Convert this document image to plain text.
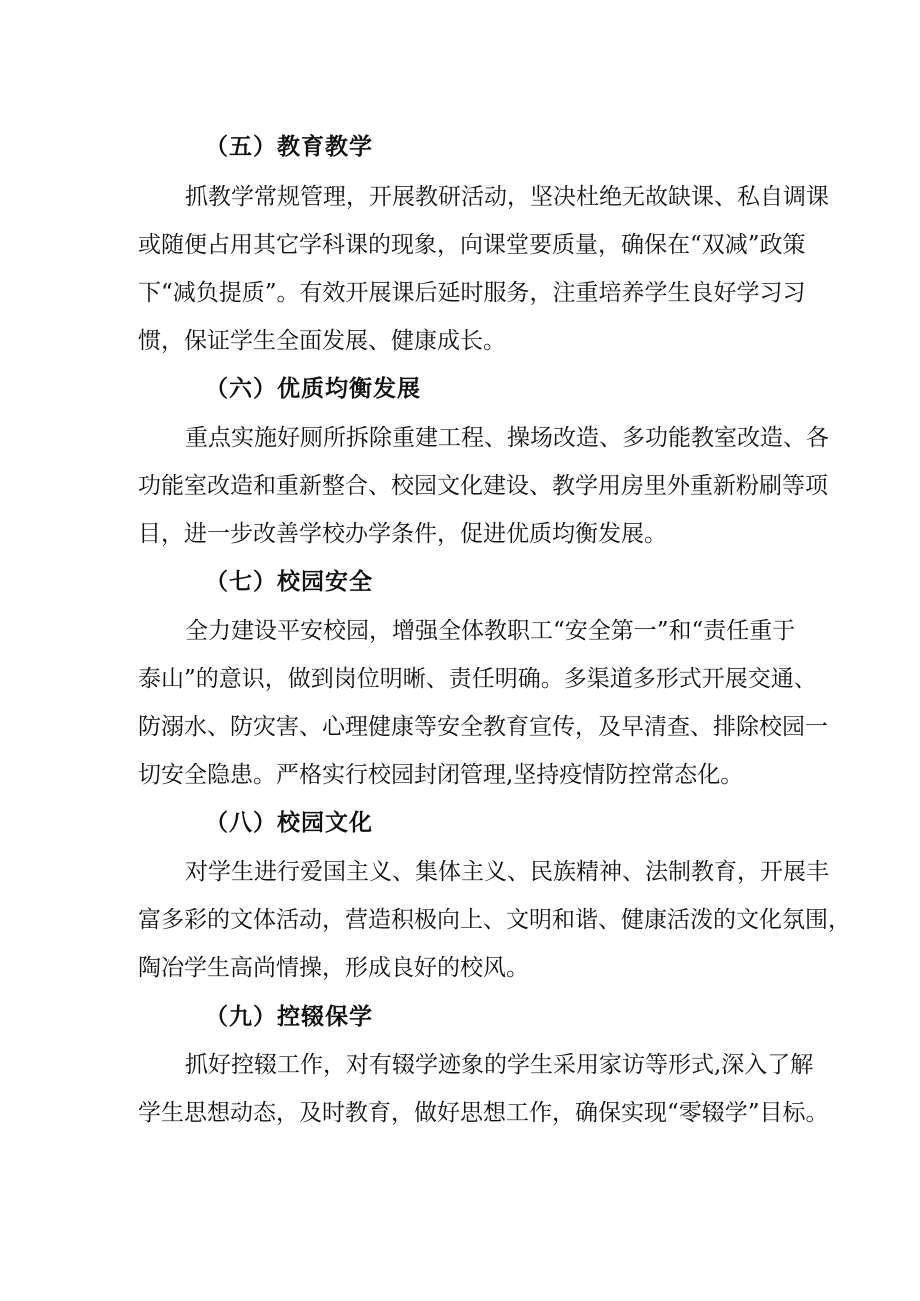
（五）教育教学
抓教学常规管理，开展教研活动，坚决杜绝无故缺课、私自调课
或随便占用其它学科课的现象，向课堂要质量，确保在“双减”政策
下“减负提质”。有效开展课后延时服务，注重培养学生良好学习习
惯，保证学生全面发展、健康成长。
（六）优质均衡发展
重点实施好厕所拆除重建工程、操场改造、多功能教室改造、各
功能室改造和重新整合、校园文化建设、教学用房里外重新粉刷等项
目，进一步改善学校办学条件，促进优质均衡发展。
（七）校园安全
全力建设平安校园，增强全体教职工“安全第一”和“责任重于
泰山”的意识，做到岗位明晰、责任明确。多渠道多形式开展交通、
防溺水、防灾害、心理健康等安全教育宣传，及早清查、排除校园一
切安全隐患。严格实行校园封闭管理,坚持疫情防控常态化。
（八）校园文化
对学生进行爱国主义、集体主义、民族精神、法制教育，开展丰
富多彩的文体活动，营造积极向上、文明和谐、健康活泼的文化氛围，
陶冶学生高尚情操，形成良好的校风。
（九）控辍保学
抓好控辍工作，对有辍学迹象的学生采用家访等形式,深入了解
学生思想动态，及时教育，做好思想工作，确保实现“零辍学”目标。
